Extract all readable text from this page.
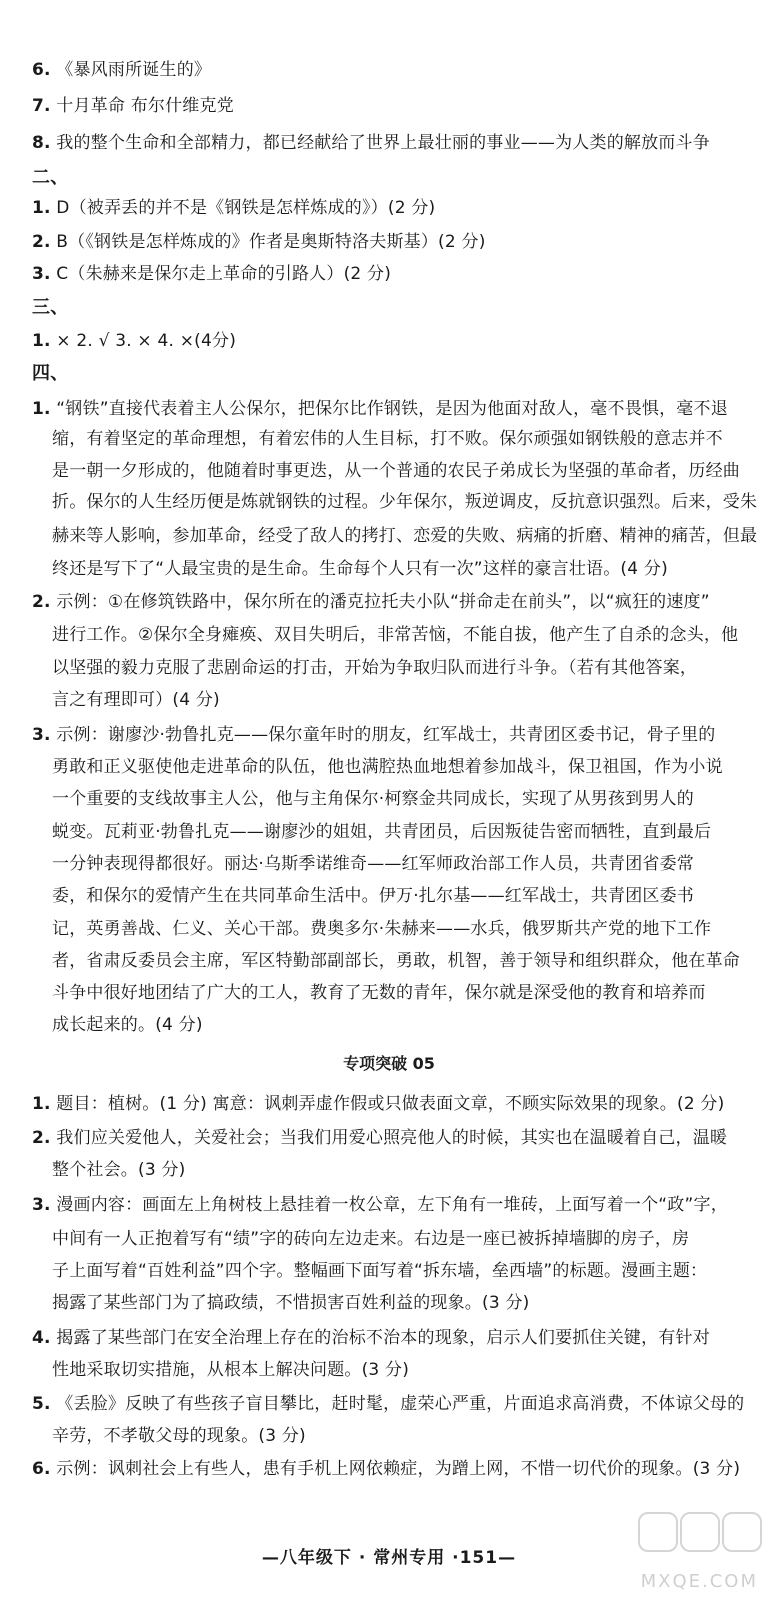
6. 《暴风雨所诞生的》
7. 十月革命 布尔什维克党
8. 我的整个生命和全部精力，都已经献给了世界上最壮丽的事业——为人类的解放而斗争
二、
1. D（被弄丢的并不是《钢铁是怎样炼成的》）(2 分)
2. B（《钢铁是怎样炼成的》作者是奥斯特洛夫斯基）(2 分)
3. C（朱赫来是保尔走上革命的引路人）(2 分)
三、
1. × 2. √ 3. × 4. ×(4分)
四、
1. “钢铁”直接代表着主人公保尔，把保尔比作钢铁，是因为他面对敌人，毫不畏惧，毫不退
缩，有着坚定的革命理想，有着宏伟的人生目标，打不败。保尔顽强如钢铁般的意志并不
是一朝一夕形成的，他随着时事更迭，从一个普通的农民子弟成长为坚强的革命者，历经曲
折。保尔的人生经历便是炼就钢铁的过程。少年保尔，叛逆调皮，反抗意识强烈。后来，受朱
赫来等人影响，参加革命，经受了敌人的拷打、恋爱的失败、病痛的折磨、精神的痛苦，但最
终还是写下了“人最宝贵的是生命。生命每个人只有一次”这样的豪言壮语。(4 分)
2. 示例：①在修筑铁路中，保尔所在的潘克拉托夫小队“拼命走在前头”，以“疯狂的速度”
进行工作。②保尔全身瘫痪、双目失明后，非常苦恼，不能自拔，他产生了自杀的念头，他
以坚强的毅力克服了悲剧命运的打击，开始为争取归队而进行斗争。（若有其他答案，
言之有理即可）(4 分)
3. 示例：谢廖沙·勃鲁扎克——保尔童年时的朋友，红军战士，共青团区委书记，骨子里的
勇敢和正义驱使他走进革命的队伍，他也满腔热血地想着参加战斗，保卫祖国，作为小说
一个重要的支线故事主人公，他与主角保尔·柯察金共同成长，实现了从男孩到男人的
蜕变。瓦莉亚·勃鲁扎克——谢廖沙的姐姐，共青团员，后因叛徒告密而牺牲，直到最后
一分钟表现得都很好。丽达·乌斯季诺维奇——红军师政治部工作人员，共青团省委常
委，和保尔的爱情产生在共同革命生活中。伊万·扎尔基——红军战士，共青团区委书
记，英勇善战、仁义、关心干部。费奥多尔·朱赫来——水兵，俄罗斯共产党的地下工作
者，省肃反委员会主席，军区特勤部副部长，勇敢，机智，善于领导和组织群众，他在革命
斗争中很好地团结了广大的工人，教育了无数的青年，保尔就是深受他的教育和培养而
成长起来的。(4 分)
专项突破 05
1. 题目：植树。(1 分) 寓意：讽刺弄虚作假或只做表面文章，不顾实际效果的现象。(2 分)
2. 我们应关爱他人，关爱社会；当我们用爱心照亮他人的时候，其实也在温暖着自己，温暖
整个社会。(3 分)
3. 漫画内容：画面左上角树枝上悬挂着一枚公章，左下角有一堆砖，上面写着一个“政”字，
中间有一人正抱着写有“绩”字的砖向左边走来。右边是一座已被拆掉墙脚的房子，房
子上面写着“百姓利益”四个字。整幅画下面写着“拆东墙，垒西墙”的标题。漫画主题：
揭露了某些部门为了搞政绩，不惜损害百姓利益的现象。(3 分)
4. 揭露了某些部门在安全治理上存在的治标不治本的现象，启示人们要抓住关键，有针对
性地采取切实措施，从根本上解决问题。(3 分)
5. 《丢脸》反映了有些孩子盲目攀比，赶时髦，虚荣心严重，片面追求高消费，不体谅父母的
辛劳，不孝敬父母的现象。(3 分)
6. 示例：讽刺社会上有些人，患有手机上网依赖症，为蹭上网，不惜一切代价的现象。(3 分)
—八年级下 · 常州专用 ·151—
MXQE.COM
